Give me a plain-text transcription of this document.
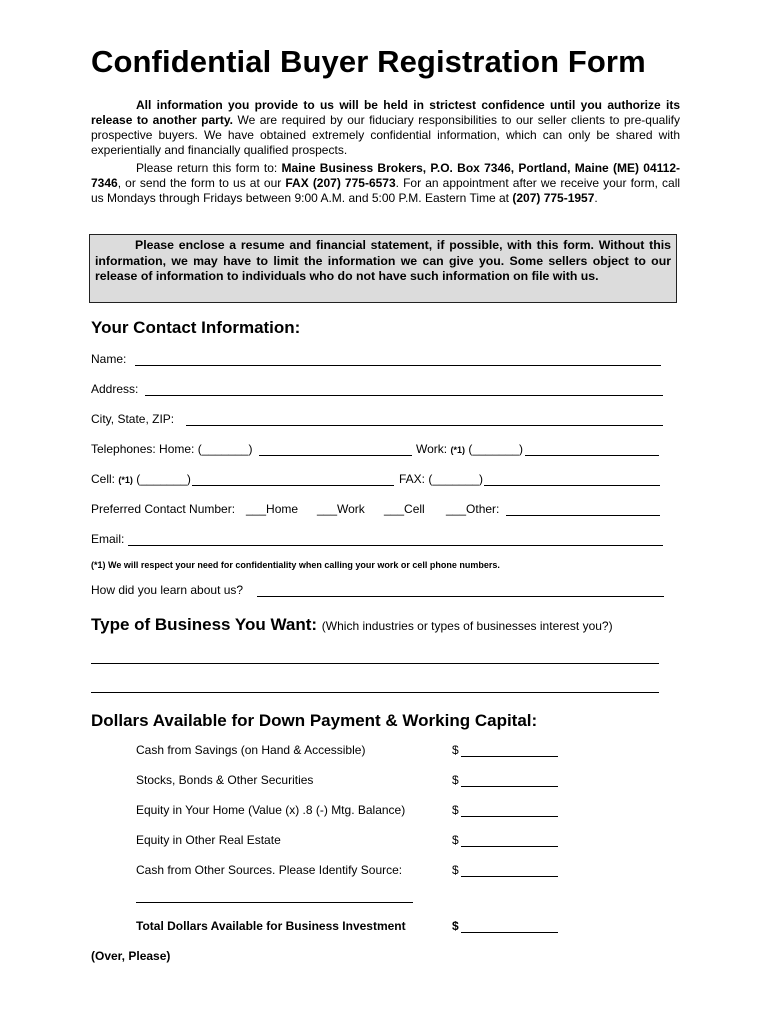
Confidential Buyer Registration Form

All information you provide to us will be held in strictest confidence until you authorize its release to another party. We are required by our fiduciary responsibilities to our seller clients to pre-qualify prospective buyers. We have obtained extremely confidential information, which can only be shared with experientially and financially qualified prospects.

Please return this form to: Maine Business Brokers, P.O. Box 7346, Portland, Maine (ME) 04112-7346, or send the form to us at our FAX (207) 775-6573. For an appointment after we receive your form, call us Mondays through Fridays between 9:00 A.M. and 5:00 P.M. Eastern Time at (207) 775-1957.

Please enclose a resume and financial statement, if possible, with this form. Without this information, we may have to limit the information we can give you. Some sellers object to our release of information to individuals who do not have such information on file with us.
Your Contact Information:
Name:
Address:
City, State, ZIP:
Telephones: Home: (_______)	Work: (*1) (_______)
Cell: (*1) (_______)	FAX: (_______)
Preferred Contact Number: ___Home ___Work ___Cell ___Other:
Email:
(*1) We will respect your need for confidentiality when calling your work or cell phone numbers.
How did you learn about us?
Type of Business You Want: (Which industries or types of businesses interest you?)
Dollars Available for Down Payment & Working Capital:
Cash from Savings (on Hand & Accessible)	$
Stocks, Bonds & Other Securities	$
Equity in Your Home (Value (x) .8 (-) Mtg. Balance)	$
Equity in Other Real Estate	$
Cash from Other Sources. Please Identify Source:	$
Total Dollars Available for Business Investment	$
(Over, Please)
